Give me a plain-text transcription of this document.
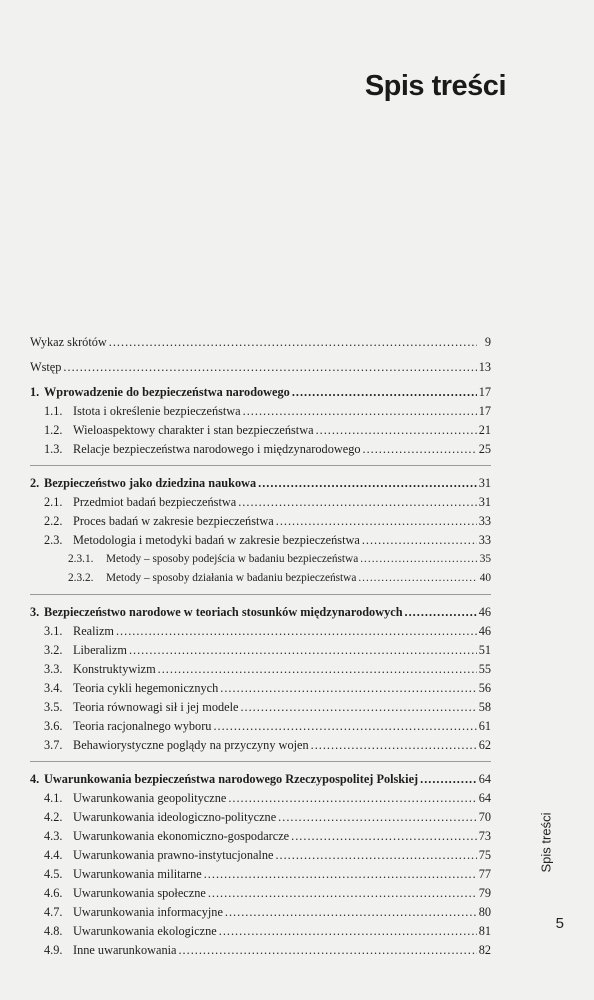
Spis treści
Wykaz skrótów .....	9
Wstęp .....	13
1. Wprowadzenie do bezpieczeństwa narodowego .....	17
1.1. Istota i określenie bezpieczeństwa .....	17
1.2. Wieloaspektowy charakter i stan bezpieczeństwa .....	21
1.3. Relacje bezpieczeństwa narodowego i międzynarodowego .....	25
2. Bezpieczeństwo jako dziedzina naukowa .....	31
2.1. Przedmiot badań bezpieczeństwa .....	31
2.2. Proces badań w zakresie bezpieczeństwa .....	33
2.3. Metodologia i metodyki badań w zakresie bezpieczeństwa .....	33
2.3.1.	Metody – sposoby podejścia w badaniu bezpieczeństwa .....	35
2.3.2.	Metody – sposoby działania w badaniu bezpieczeństwa .....	40
3. Bezpieczeństwo narodowe w teoriach stosunków międzynarodowych .....	46
3.1. Realizm .....	46
3.2. Liberalizm .....	51
3.3. Konstruktywizm .....	55
3.4. Teoria cykli hegemonicznych .....	56
3.5. Teoria równowagi sił i jej modele .....	58
3.6. Teoria racjonalnego wyboru .....	61
3.7. Behawiorystyczne poglądy na przyczyny wojen .....	62
4. Uwarunkowania bezpieczeństwa narodowego Rzeczypospolitej Polskiej .....	64
4.1. Uwarunkowania geopolityczne .....	64
4.2. Uwarunkowania ideologiczno-polityczne .....	70
4.3. Uwarunkowania ekonomiczno-gospodarcze .....	73
4.4. Uwarunkowania prawno-instytucjonalne .....	75
4.5. Uwarunkowania militarne .....	77
4.6. Uwarunkowania społeczne .....	79
4.7. Uwarunkowania informacyjne .....	80
4.8. Uwarunkowania ekologiczne .....	81
4.9. Inne uwarunkowania .....	82
Spis treści
5
